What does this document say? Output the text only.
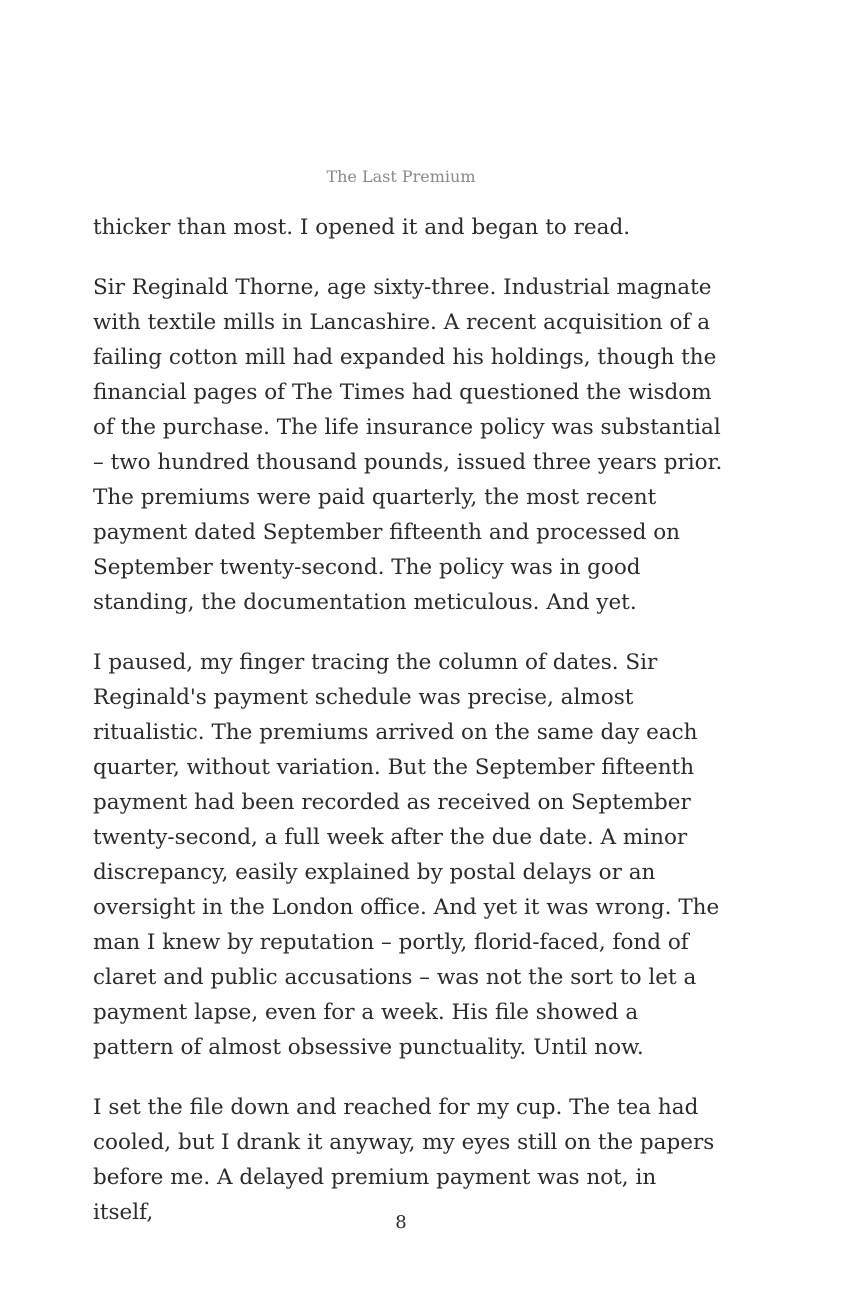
The Last Premium

thicker than most. I opened it and began to read.

Sir Reginald Thorne, age sixty-three. Industrial magnate with textile mills in Lancashire. A recent acquisition of a failing cotton mill had expanded his holdings, though the financial pages of The Times had questioned the wisdom of the purchase. The life insurance policy was substantial – two hundred thousand pounds, issued three years prior. The premiums were paid quarterly, the most recent payment dated September fifteenth and processed on September twenty-second. The policy was in good standing, the documentation meticulous. And yet.

I paused, my finger tracing the column of dates. Sir Reginald's payment schedule was precise, almost ritualistic. The premiums arrived on the same day each quarter, without variation. But the September fifteenth payment had been recorded as received on September twenty-second, a full week after the due date. A minor discrepancy, easily explained by postal delays or an oversight in the London office. And yet it was wrong. The man I knew by reputation – portly, florid-faced, fond of claret and public accusations – was not the sort to let a payment lapse, even for a week. His file showed a pattern of almost obsessive punctuality. Until now.

I set the file down and reached for my cup. The tea had cooled, but I drank it anyway, my eyes still on the papers before me. A delayed premium payment was not, in itself,	8
